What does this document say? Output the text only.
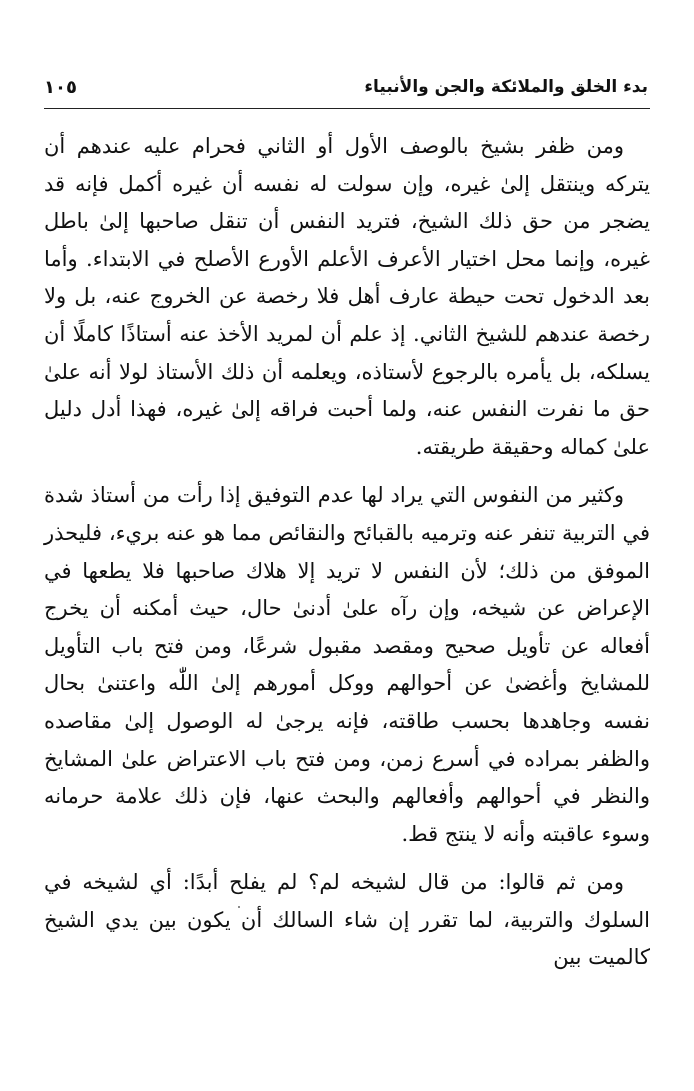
بدء الخلق والملائكة والجن والأنبياء
١٠٥

ومن ظفر بشيخ بالوصف الأول أو الثاني فحرام عليه عندهم أن يتركه وينتقل إلىٰ غيره، وإن سولت له نفسه أن غيره أكمل فإنه قد يضجر من حق ذلك الشيخ، فتريد النفس أن تنقل صاحبها إلىٰ باطل غيره، وإنما محل اختيار الأعرف الأعلم الأورع الأصلح في الابتداء. وأما بعد الدخول تحت حيطة عارف أهل فلا رخصة عن الخروج عنه، بل ولا رخصة عندهم للشيخ الثاني. إذ علم أن لمريد الأخذ عنه أستاذًا كاملًا أن يسلكه، بل يأمره بالرجوع لأستاذه، ويعلمه أن ذلك الأستاذ لولا أنه علىٰ حق ما نفرت النفس عنه، ولما أحبت فراقه إلىٰ غيره، فهذا أدل دليل علىٰ كماله وحقيقة طريقته.

وكثير من النفوس التي يراد لها عدم التوفيق إذا رأت من أستاذ شدة في التربية تنفر عنه وترميه بالقبائح والنقائص مما هو عنه بريء، فليحذر الموفق من ذلك؛ لأن النفس لا تريد إلا هلاك صاحبها فلا يطعها في الإعراض عن شيخه، وإن رآه علىٰ أدنىٰ حال، حيث أمكنه أن يخرج أفعاله عن تأويل صحيح ومقصد مقبول شرعًا، ومن فتح باب التأويل للمشايخ وأغضىٰ عن أحوالهم ووكل أمورهم إلىٰ اللّٰه واعتنىٰ بحال نفسه وجاهدها بحسب طاقته، فإنه يرجىٰ له الوصول إلىٰ مقاصده والظفر بمراده في أسرع زمن، ومن فتح باب الاعتراض علىٰ المشايخ والنظر في أحوالهم وأفعالهم والبحث عنها، فإن ذلك علامة حرمانه وسوء عاقبته وأنه لا ينتج قط.

ومن ثم قالوا: من قال لشيخه لم؟ لم يفلح أبدًا: أي لشيخه في السلوك والتربية، لما تقرر إن شاء السالك أن يكون بين يدي الشيخ كالميت بين
